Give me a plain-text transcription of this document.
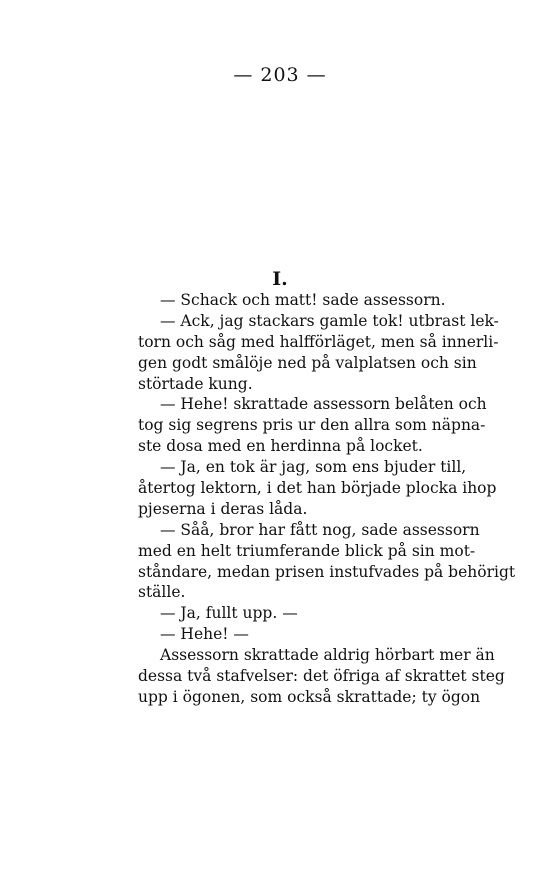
— 203 —
I.
— Schack och matt! sade assessorn.
— Ack, jag stackars gamle tok! utbrast lek-
torn och såg med halfförläget, men så innerli-
gen godt smålöje ned på valplatsen och sin
störtade kung.
— Hehe! skrattade assessorn belåten och
tog sig segrens pris ur den allra som näpna-
ste dosa med en herdinna på locket.
— Ja, en tok är jag, som ens bjuder till,
återtog lektorn, i det han började plocka ihop
pjeserna i deras låda.
— Såå, bror har fått nog, sade assessorn
med en helt triumferande blick på sin mot-
ståndare, medan prisen instufvades på behörigt
ställe.
— Ja, fullt upp. —
— Hehe! —
Assessorn skrattade aldrig hörbart mer än
dessa två stafvelser: det öfriga af skrattet steg
upp i ögonen, som också skrattade; ty ögon
